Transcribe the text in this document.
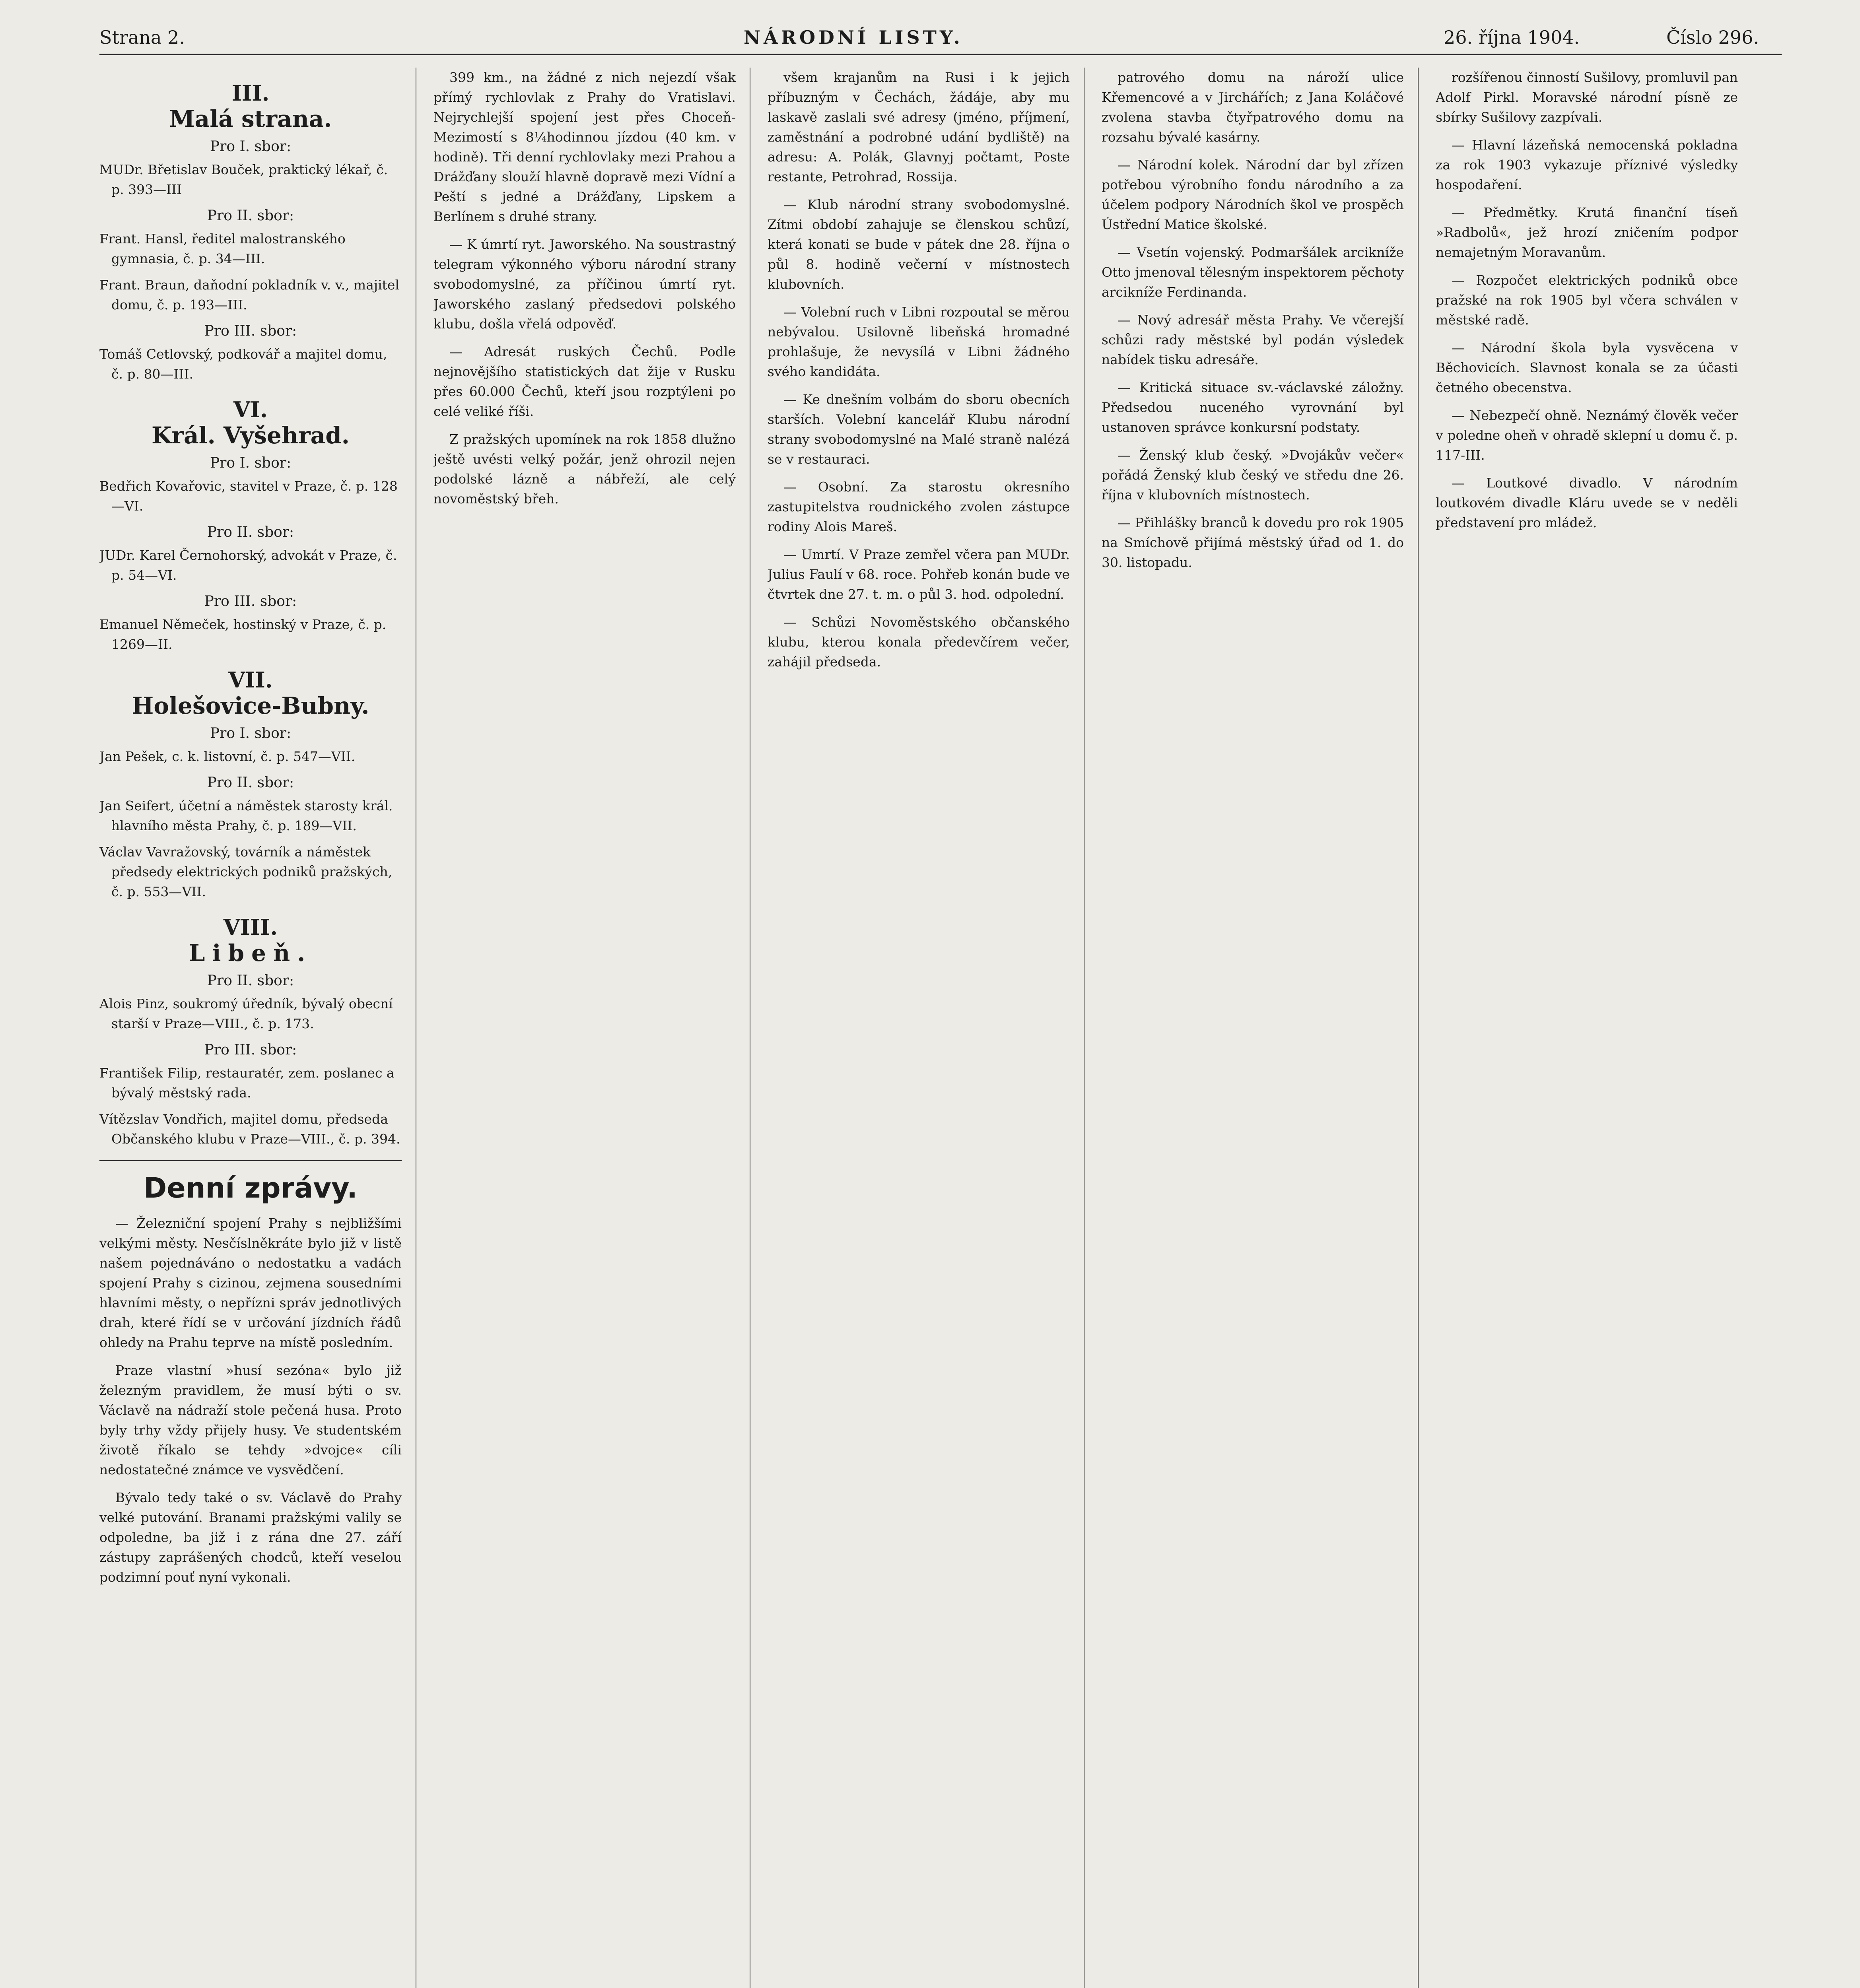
Strana 2.	NÁRODNÍ LISTY.	26. října 1904.	Číslo 296.
III.
Malá strana.
Pro I. sbor:
MUDr. Břetislav Bouček, praktický lékař, č. p. 393—III
Pro II. sbor:
Frant. Hansl, ředitel malostranského gymnasia, č. p. 34—III.
Frant. Braun, daňodní pokladník v. v., majitel domu, č. p. 193—III.
Pro III. sbor:
Tomáš Cetlovský, podkovář a majitel domu, č. p. 80—III.
VI.
Král. Vyšehrad.
Pro I. sbor:
Bedřich Kovařovic, stavitel v Praze, č. p. 128—VI.
Pro II. sbor:
JUDr. Karel Černohorský, advokát v Praze, č. p. 54—VI.
Pro III. sbor:
Emanuel Němeček, hostinský v Praze, č. p. 1269—II.
VII.
Holešovice-Bubny.
Pro I. sbor:
Jan Pešek, c. k. listovní, č. p. 547—VII.
Pro II. sbor:
Jan Seifert, účetní a náměstek starosty král. hlavního města Prahy, č. p. 189—VII.
Václav Vavražovský, továrník a náměstek předsedy elektrických podniků pražských, č. p. 553—VII.
VIII.
Libeň.
Pro II. sbor:
Alois Pinz, soukromý úředník, bývalý obecní starší v Praze—VIII., č. p. 173.
Pro III. sbor:
František Filip, restauratér, zem. poslanec a bývalý městský rada.
Vítězslav Vondřich, majitel domu, předseda Občanského klubu v Praze—VIII., č. p. 394.
Denní zprávy.

— Železniční spojení Prahy s nejbližšími velkými městy. Nesčíslněkráte bylo již v listě našem pojednáváno o nedostatku a vadách spojení Prahy s cizinou, zejmena sousedními hlavními městy, o nepřízni správ jednotlivých drah, které řídí se v určování jízdních řádů ohledy na Prahu teprve na místě posledním.

Praze vlastní »husí sezóna« bylo již železným pravidlem, že musí býti o sv. Václavě na nádraží stole pečená husa. Proto byly trhy vždy přijely husy. Ve studentském životě říkalo se tehdy »dvojce« cíli nedostatečné známce ve vysvědčení.

Bývalo tedy také o sv. Václavě do Prahy velké putování. Branami pražskými valily se odpoledne, ba již i z rána dne 27. září zástupy zaprášených chodců, kteří veselou podzimní pouť nyní vykonali.

399 km., na žádné z nich nejezdí však přímý rychlovlak z Prahy do Vratislavi. Nejrychlejší spojení jest přes Choceň-Mezimostí s 8¼hodinnou jízdou (40 km. v hodině). Tři denní rychlovlaky mezi Prahou a Drážďany slouží hlavně dopravě mezi Vídní a Peští s jedné a Drážďany, Lipskem a Berlínem s druhé strany.

— K úmrtí ryt. Jaworského. Na soustrastný telegram výkonného výboru národní strany svobodomyslné, za příčinou úmrtí ryt. Jaworského zaslaný předsedovi polského klubu, došla vřelá odpověď.

— Adresát ruských Čechů. Podle nejnovějšího statistických dat žije v Rusku přes 60.000 Čechů, kteří jsou rozptýleni po celé veliké říši.

Z pražských upomínek na rok 1858 dlužno ještě uvésti velký požár, jenž ohrozil nejen podolské lázně a nábřeží, ale celý novoměstský břeh.

všem krajanům na Rusi i k jejich příbuzným v Čechách, žádáje, aby mu laskavě zaslali své adresy (jméno, příjmení, zaměstnání a podrobné udání bydliště) na adresu: A. Polák, Glavnyj počtamt, Poste restante, Petrohrad, Rossija.

— Klub národní strany svobodomyslné. Zítmi období zahajuje se členskou schůzí, která konati se bude v pátek dne 28. října o půl 8. hodině večerní v místnostech klubovních.

— Volební ruch v Libni rozpoutal se měrou nebývalou. Usilovně libeňská hromadné prohlašuje, že nevysílá v Libni žádného svého kandidáta.

— Ke dnešním volbám do sboru obecních starších. Volební kancelář Klubu národní strany svobodomyslné na Malé straně nalézá se v restauraci.

— Osobní. Za starostu okresního zastupitelstva roudnického zvolen zástupce rodiny Alois Mareš.

— Umrtí. V Praze zemřel včera pan MUDr. Julius Faulí v 68. roce. Pohřeb konán bude ve čtvrtek dne 27. t. m. o půl 3. hod. odpolední.

— Schůzi Novoměstského občanského klubu, kterou konala předevčírem večer, zahájil předseda.

patrového domu na nároží ulice Křemencové a v Jirchářích; z Jana Koláčové zvolena stavba čtyřpatrového domu na rozsahu bývalé kasárny.

— Národní kolek. Národní dar byl zřízen potřebou výrobního fondu národního a za účelem podpory Národních škol ve prospěch Ústřední Matice školské.

— Vsetín vojenský. Podmaršálek arcikníže Otto jmenoval tělesným inspektorem pěchoty arcikníže Ferdinanda.

— Nový adresář města Prahy. Ve včerejší schůzi rady městské byl podán výsledek nabídek tisku adresáře.

— Kritická situace sv.-václavské záložny. Předsedou nuceného vyrovnání byl ustanoven správce konkursní podstaty.

— Ženský klub český. »Dvojákův večer« pořádá Ženský klub český ve středu dne 26. října v klubovních místnostech.

— Přihlášky branců k dovedu pro rok 1905 na Smíchově přijímá městský úřad od 1. do 30. listopadu.

rozšířenou činností Sušilovy, promluvil pan Adolf Pirkl. Moravské národní písně ze sbírky Sušilovy zazpívali.

— Hlavní lázeňská nemocenská pokladna za rok 1903 vykazuje příznivé výsledky hospodaření.

— Předmětky. Krutá finanční tíseň »Radbolů«, jež hrozí zničením podpor nemajetným Moravanům.

— Rozpočet elektrických podniků obce pražské na rok 1905 byl včera schválen v městské radě.

— Národní škola byla vysvěcena v Běchovicích. Slavnost konala se za účasti četného obecenstva.

— Nebezpečí ohně. Neznámý člověk večer v poledne oheň v ohradě sklepní u domu č. p. 117-III.

— Loutkové divadlo. V národním loutkovém divadle Kláru uvede se v neděli představení pro mládež.
